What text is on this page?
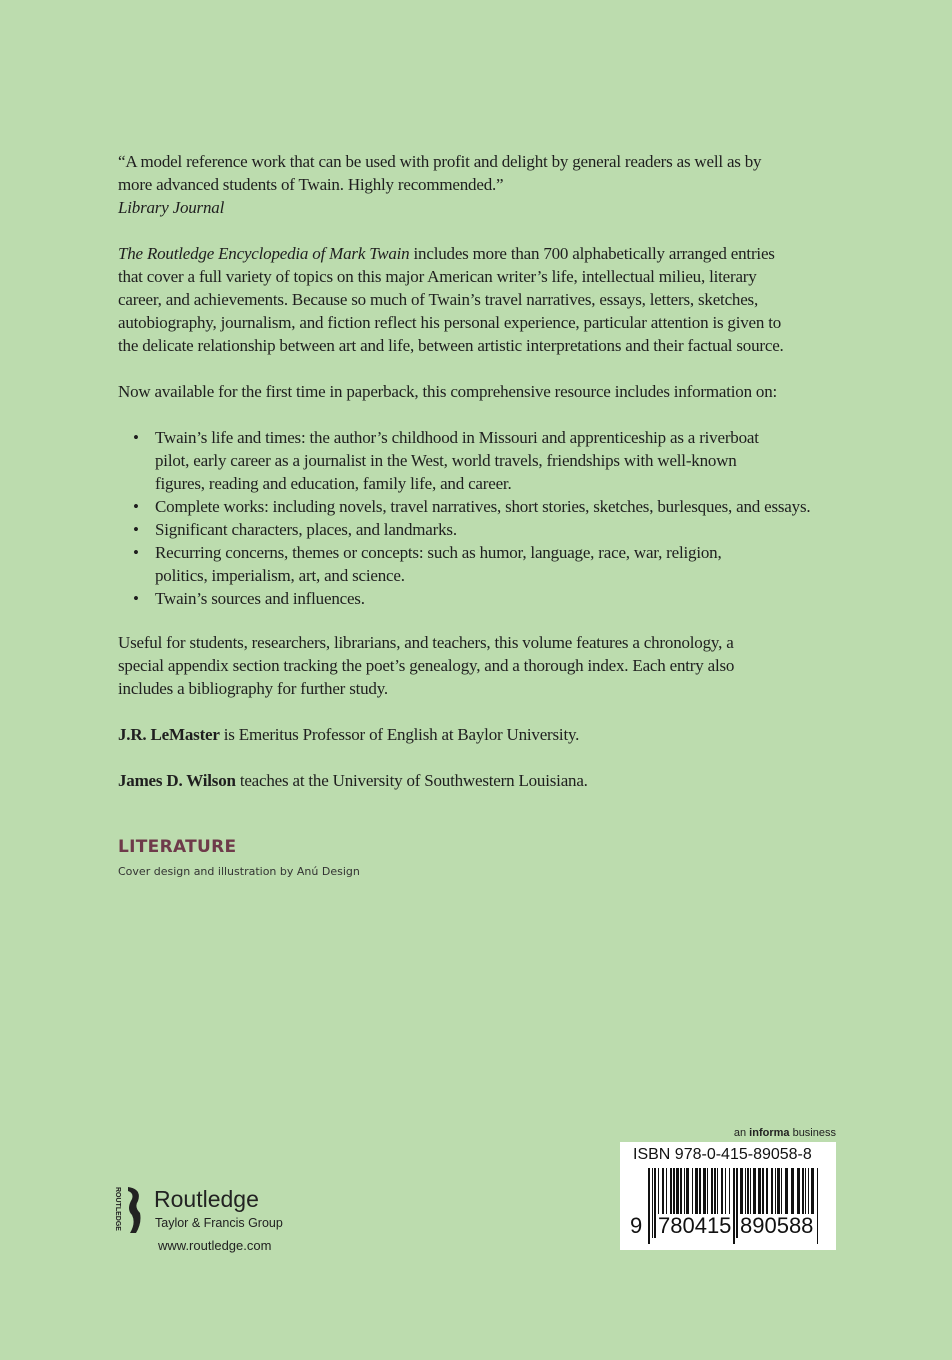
“A model reference work that can be used with profit and delight by general readers as well as by
more advanced students of Twain. Highly recommended.”
Library Journal
The Routledge Encyclopedia of Mark Twain includes more than 700 alphabetically arranged entries
that cover a full variety of topics on this major American writer’s life, intellectual milieu, literary
career, and achievements. Because so much of Twain’s travel narratives, essays, letters, sketches,
autobiography, journalism, and fiction reflect his personal experience, particular attention is given to
the delicate relationship between art and life, between artistic interpretations and their factual source.
Now available for the first time in paperback, this comprehensive resource includes information on:
• Twain’s life and times: the author’s childhood in Missouri and apprenticeship as a riverboat
pilot, early career as a journalist in the West, world travels, friendships with well-known
figures, reading and education, family life, and career.
• Complete works: including novels, travel narratives, short stories, sketches, burlesques, and essays.
• Significant characters, places, and landmarks.
• Recurring concerns, themes or concepts: such as humor, language, race, war, religion,
politics, imperialism, art, and science.
• Twain’s sources and influences.
Useful for students, researchers, librarians, and teachers, this volume features a chronology, a
special appendix section tracking the poet’s genealogy, and a thorough index. Each entry also
includes a bibliography for further study.
J.R. LeMaster is Emeritus Professor of English at Baylor University.
James D. Wilson teaches at the University of Southwestern Louisiana.
LITERATURE
Cover design and illustration by Anú Design
an informa business
ISBN 978-0-415-89058-8
9 780415 890588
ROUTLEDGE Routledge
Taylor & Francis Group
www.routledge.com
